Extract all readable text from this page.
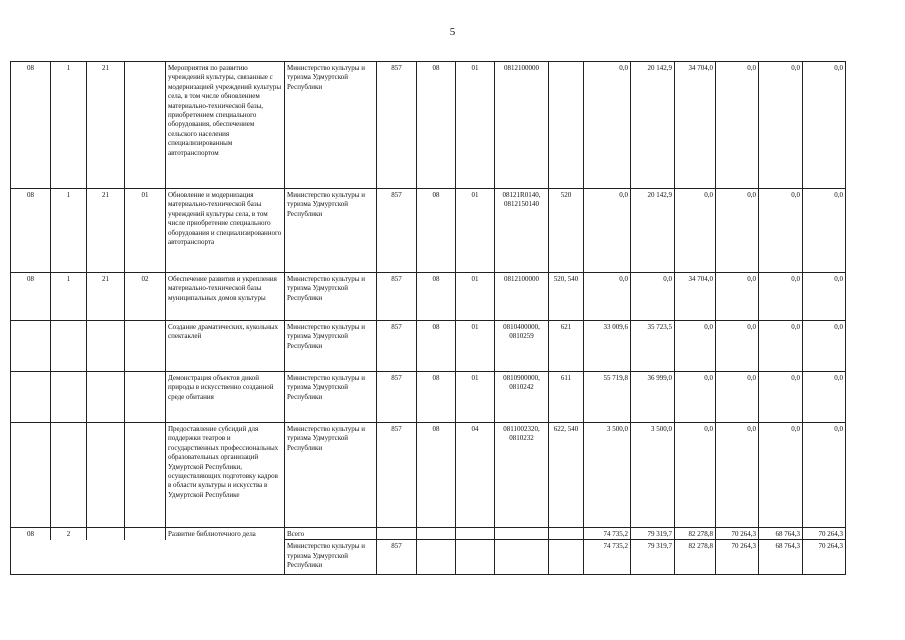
5
08	1	21		Мероприятия по развитию учреждений культуры, связанные с модернизацией учреждений культуры села, в том числе обновлением материально-технической базы, приобретением специального оборудования, обеспечением сельского населения специализированным автотранспортом	Министерство культуры и туризма Удмуртской Республики	857	08	01	0812100000		0,0	20 142,9	34 704,0	0,0	0,0	0,0
08	1	21	01	Обновление и модернизация материально-технической базы учреждений культуры села, в том числе приобретение специального оборудования и специализированного автотранспорта	Министерство культуры и туризма Удмуртской Республики	857	08	01	08121R0140, 0812150140	520	0,0	20 142,9	0,0	0,0	0,0	0,0
08	1	21	02	Обеспечение развития и укрепления материально-технической базы муниципальных домов культуры	Министерство культуры и туризма Удмуртской Республики	857	08	01	0812100000	520, 540	0,0	0,0	34 704,0	0,0	0,0	0,0
				Создание драматических, кукольных спектаклей	Министерство культуры и туризма Удмуртской Республики	857	08	01	0810400000, 0810259	621	33 009,6	35 723,5	0,0	0,0	0,0	0,0
				Демонстрация объектов дикой природы в искусственно созданной среде обитания	Министерство культуры и туризма Удмуртской Республики	857	08	01	0810900000, 0810242	611	55 719,8	36 999,0	0,0	0,0	0,0	0,0
				Предоставление субсидий для поддержки театров и государственных профессиональных образовательных организаций Удмуртской Республики, осуществляющих подготовку кадров в области культуры и искусства в Удмуртской Республике	Министерство культуры и туризма Удмуртской Республики	857	08	04	0811002320, 0810232	622, 540	3 500,0	3 500,0	0,0	0,0	0,0	0,0
08	2			Развитие библиотечного дела	Всего						74 735,2	79 319,7	82 278,8	70 264,3	68 764,3	70 264,3
					Министерство культуры и туризма Удмуртской Республики	857					74 735,2	79 319,7	82 278,8	70 264,3	68 764,3	70 264,3
